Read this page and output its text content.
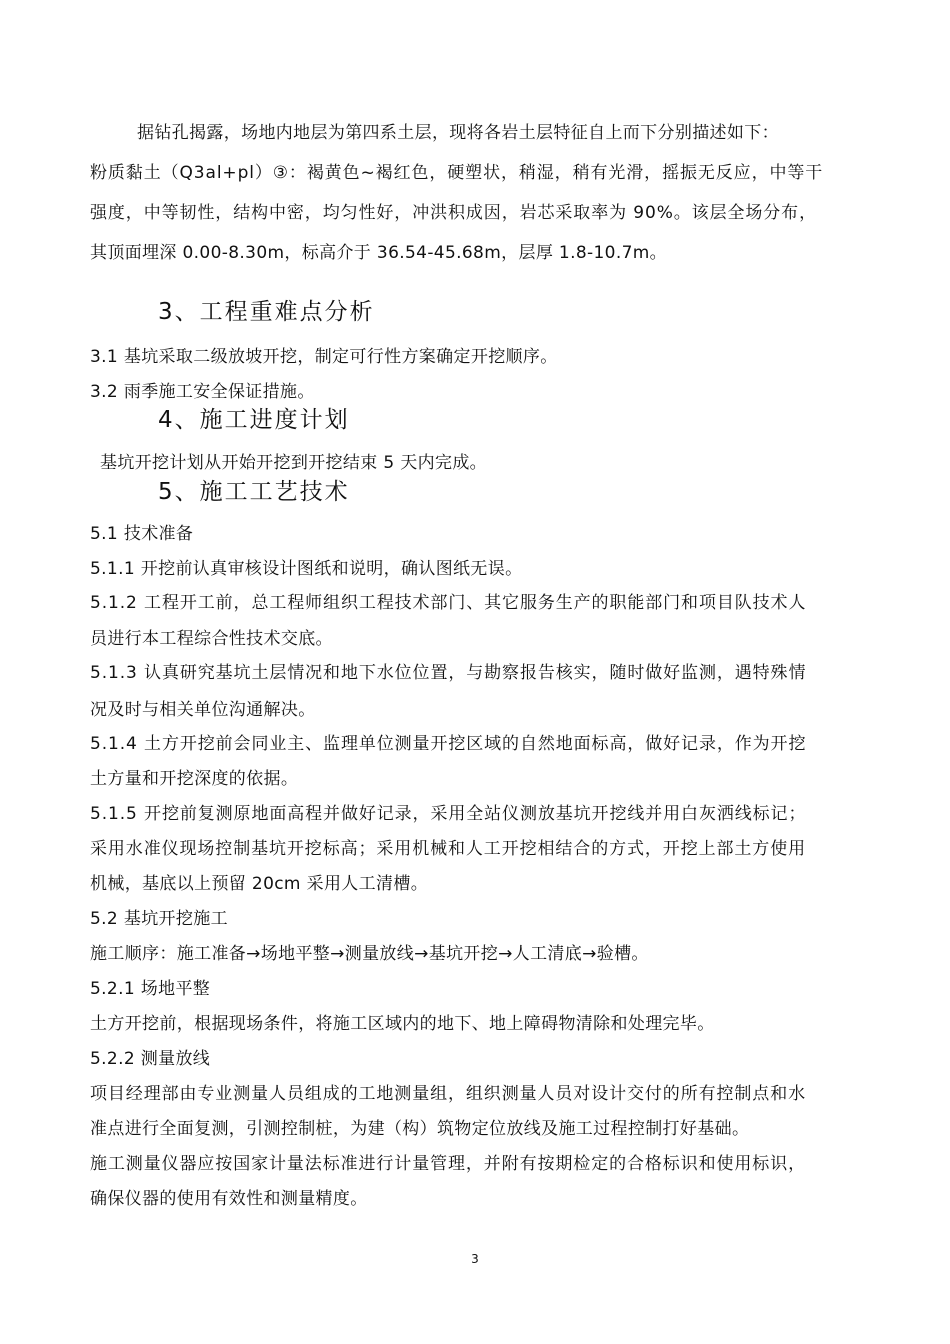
据钻孔揭露，场地内地层为第四系土层，现将各岩土层特征自上而下分别描述如下：
粉质黏土（Q3al+pl）③：褐黄色~褐红色，硬塑状，稍湿，稍有光滑，摇振无反应，中等干
强度，中等韧性，结构中密，均匀性好，冲洪积成因，岩芯采取率为 90%。该层全场分布，
其顶面埋深 0.00-8.30m，标高介于 36.54-45.68m，层厚 1.8-10.7m。
3、工程重难点分析
3.1 基坑采取二级放坡开挖，制定可行性方案确定开挖顺序。
3.2 雨季施工安全保证措施。
4、施工进度计划
基坑开挖计划从开始开挖到开挖结束 5 天内完成。
5、施工工艺技术
5.1 技术准备
5.1.1 开挖前认真审核设计图纸和说明，确认图纸无误。
5.1.2 工程开工前，总工程师组织工程技术部门、其它服务生产的职能部门和项目队技术人
员进行本工程综合性技术交底。
5.1.3 认真研究基坑土层情况和地下水位位置，与勘察报告核实，随时做好监测，遇特殊情
况及时与相关单位沟通解决。
5.1.4 土方开挖前会同业主、监理单位测量开挖区域的自然地面标高，做好记录，作为开挖
土方量和开挖深度的依据。
5.1.5 开挖前复测原地面高程并做好记录，采用全站仪测放基坑开挖线并用白灰洒线标记；
采用水准仪现场控制基坑开挖标高；采用机械和人工开挖相结合的方式，开挖上部土方使用
机械，基底以上预留 20cm 采用人工清槽。
5.2 基坑开挖施工
施工顺序：施工准备→场地平整→测量放线→基坑开挖→人工清底→验槽。
5.2.1 场地平整
土方开挖前，根据现场条件，将施工区域内的地下、地上障碍物清除和处理完毕。
5.2.2 测量放线
项目经理部由专业测量人员组成的工地测量组，组织测量人员对设计交付的所有控制点和水
准点进行全面复测，引测控制桩，为建（构）筑物定位放线及施工过程控制打好基础。
施工测量仪器应按国家计量法标准进行计量管理，并附有按期检定的合格标识和使用标识，
确保仪器的使用有效性和测量精度。
3
